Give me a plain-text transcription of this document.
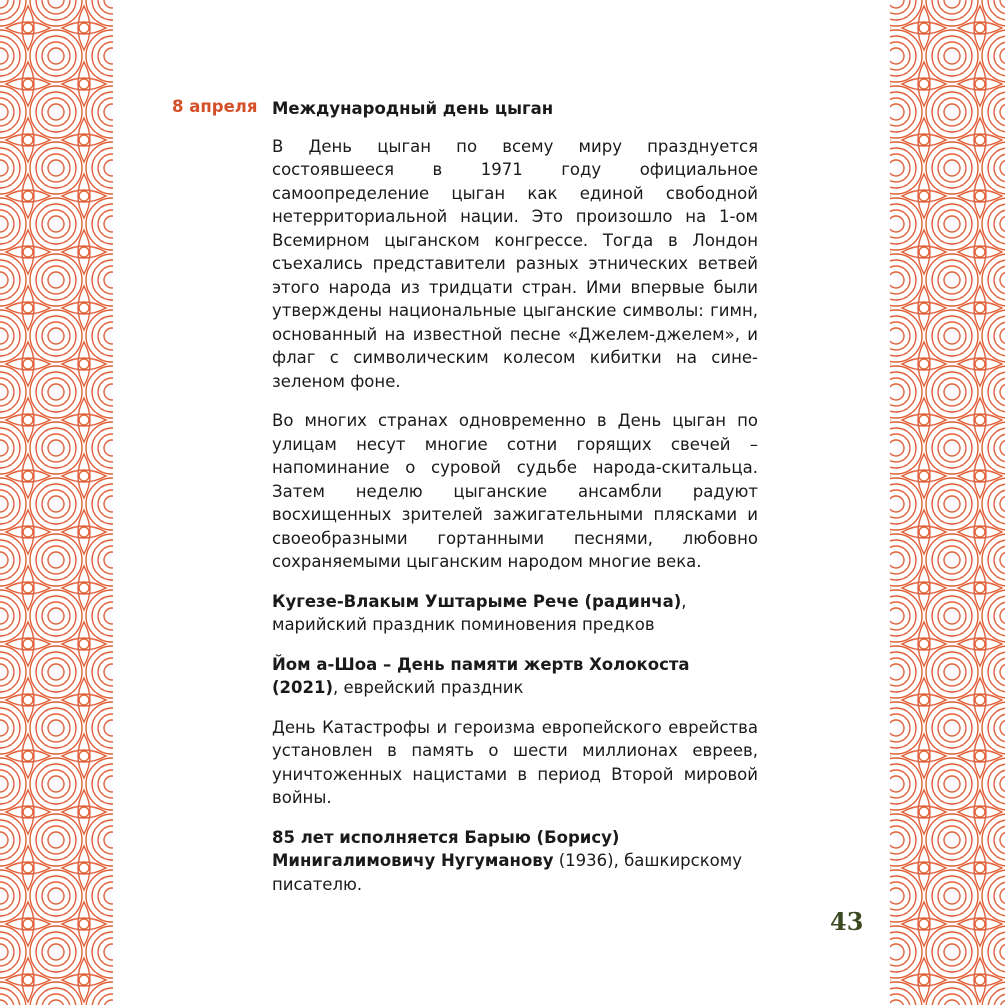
8 апреля Международный день цыган

В День цыган по всему миру празднуется состоявшееся в 1971 году официальное самоопределение цыган как единой свободной нетерриториальной нации. Это произошло на 1-ом Всемирном цыганском конгрессе. Тогда в Лондон съехались представители разных этнических ветвей этого народа из тридцати стран. Ими впервые были утверждены национальные цыганские символы: гимн, основанный на известной песне «Джелем-джелем», и флаг с символическим колесом кибитки на сине-зеленом фоне.

Во многих странах одновременно в День цыган по улицам несут многие сотни горящих свечей – напоминание о суровой судьбе народа-скитальца. Затем неделю цыганские ансамбли радуют восхищенных зрителей зажигательными плясками и своеобразными гортанными песнями, любовно сохраняемыми цыганским народом многие века.

Кугезе-Влакым Уштарыме Рече (радинча), марийский праздник поминовения предков

Йом а-Шоа – День памяти жертв Холокоста (2021), еврейский праздник

День Катастрофы и героизма европейского еврейства установлен в память о шести миллионах евреев, уничтоженных нацистами в период Второй мировой войны.

85 лет исполняется Барыю (Борису) Минигалимовичу Нугуманову (1936), башкирскому писателю.

43
